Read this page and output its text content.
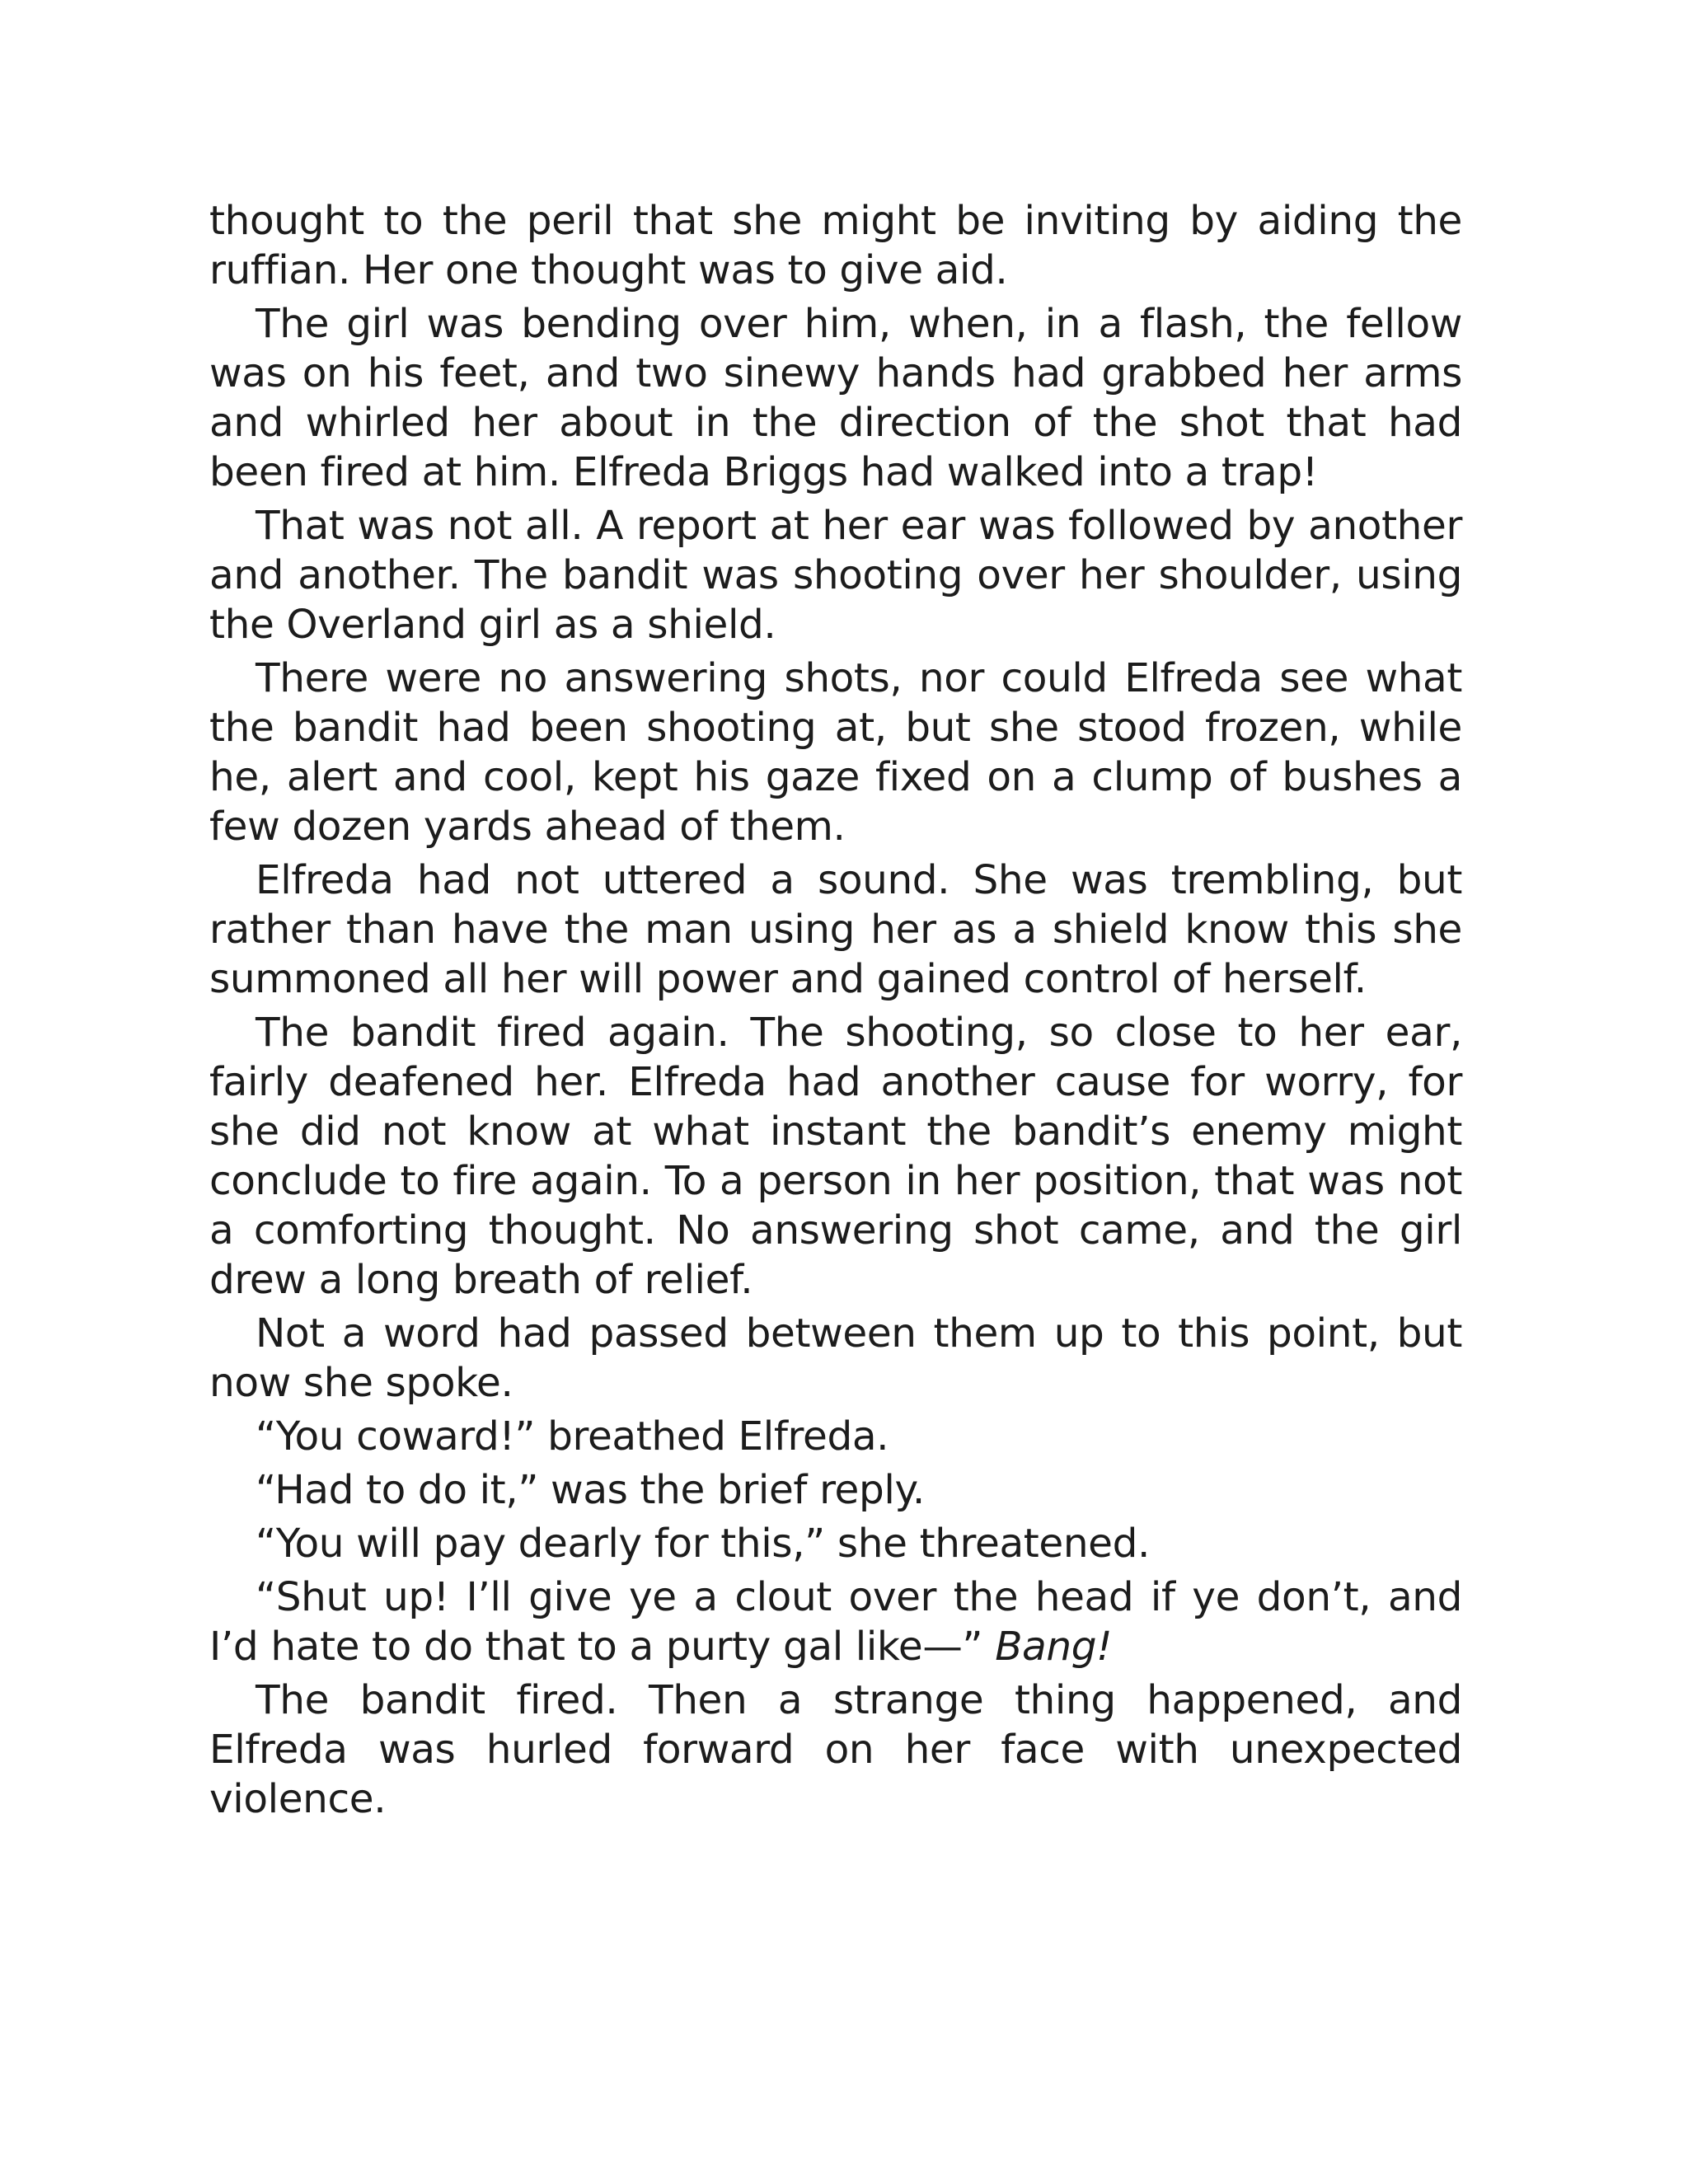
thought to the peril that she might be inviting by aiding the ruffian. Her one thought was to give aid.

The girl was bending over him, when, in a flash, the fellow was on his feet, and two sinewy hands had grabbed her arms and whirled her about in the direction of the shot that had been fired at him. Elfreda Briggs had walked into a trap!

That was not all. A report at her ear was followed by another and another. The bandit was shooting over her shoulder, using the Overland girl as a shield.

There were no answering shots, nor could Elfreda see what the bandit had been shooting at, but she stood frozen, while he, alert and cool, kept his gaze fixed on a clump of bushes a few dozen yards ahead of them.

Elfreda had not uttered a sound. She was trembling, but rather than have the man using her as a shield know this she summoned all her will power and gained control of herself.

The bandit fired again. The shooting, so close to her ear, fairly deafened her. Elfreda had another cause for worry, for she did not know at what instant the bandit’s enemy might conclude to fire again. To a person in her position, that was not a comforting thought. No answering shot came, and the girl drew a long breath of relief.

Not a word had passed between them up to this point, but now she spoke.

“You coward!” breathed Elfreda.

“Had to do it,” was the brief reply.

“You will pay dearly for this,” she threatened.

“Shut up! I’ll give ye a clout over the head if ye don’t, and I’d hate to do that to a purty gal like—” Bang!

The bandit fired. Then a strange thing happened, and Elfreda was hurled forward on her face with unexpected violence.
